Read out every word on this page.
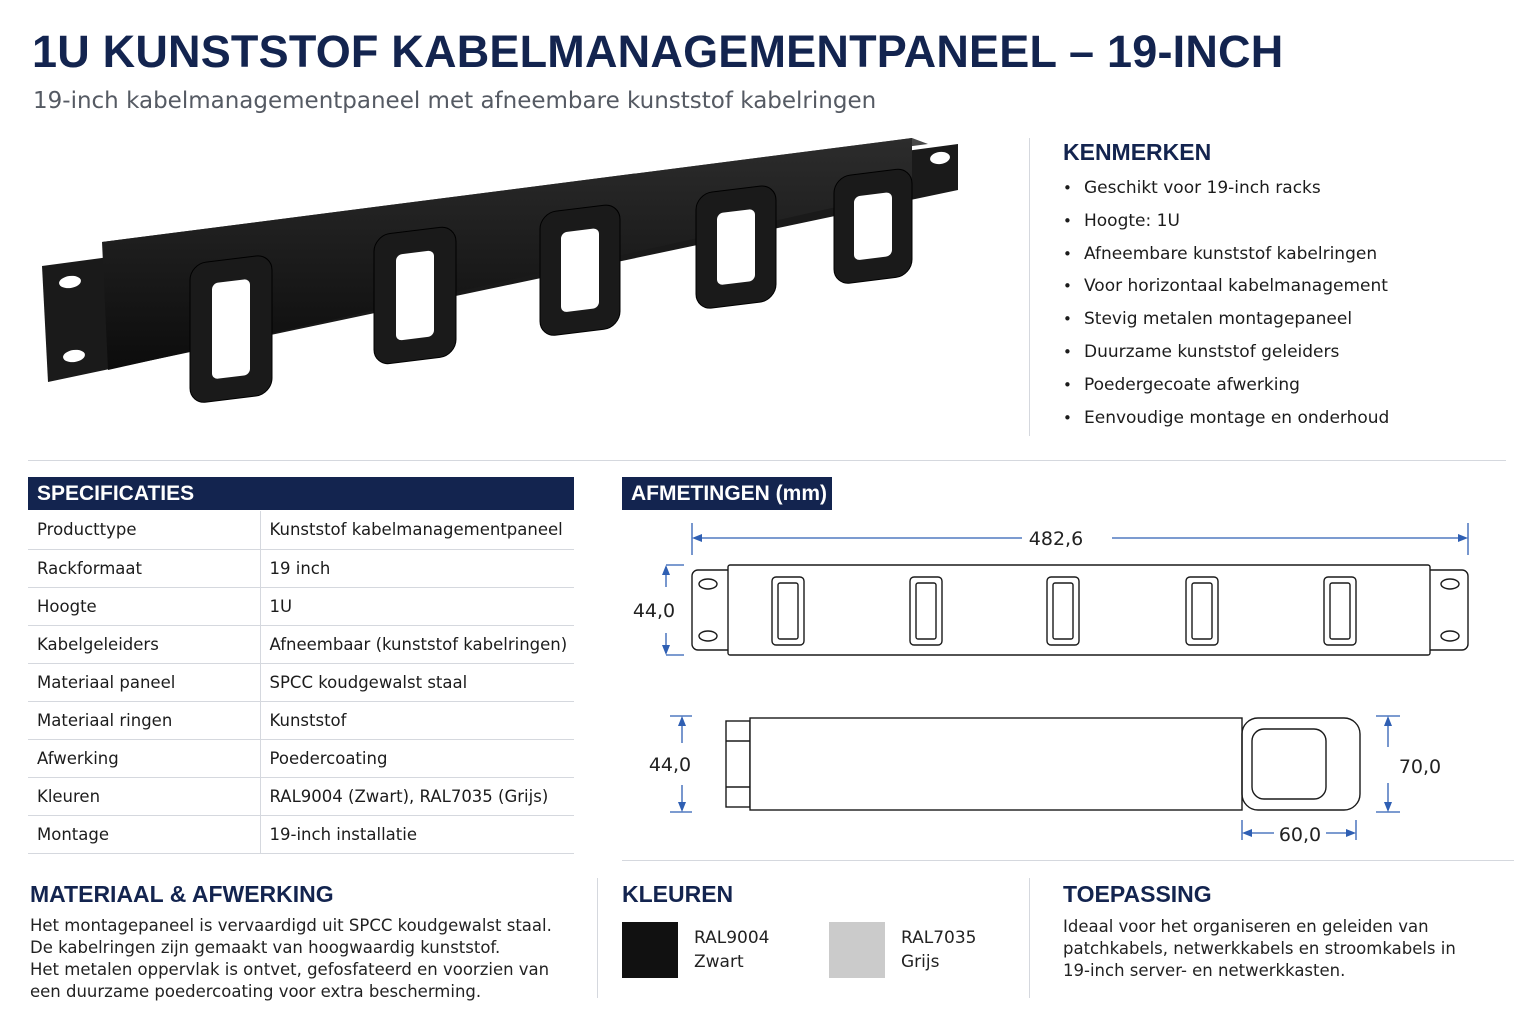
1U KUNSTSTOF KABELMANAGEMENTPANEEL – 19-INCH
19-inch kabelmanagementpaneel met afneembare kunststof kabelringen
KENMERKEN
• Geschikt voor 19-inch racks
• Hoogte: 1U
• Afneembare kunststof kabelringen
• Voor horizontaal kabelmanagement
• Stevig metalen montagepaneel
• Duurzame kunststof geleiders
• Poedergecoate afwerking
• Eenvoudige montage en onderhoud
SPECIFICATIES
Producttype	Kunststof kabelmanagementpaneel
Rackformaat	19 inch
Hoogte	1U
Kabelgeleiders	Afneembaar (kunststof kabelringen)
Materiaal paneel	SPCC koudgewalst staal
Materiaal ringen	Kunststof
Afwerking	Poedercoating
Kleuren	RAL9004 (Zwart), RAL7035 (Grijs)
Montage	19-inch installatie
AFMETINGEN (mm)
482,6
44,0
44,0	70,0
60,0
MATERIAAL & AFWERKING
Het montagepaneel is vervaardigd uit SPCC koudgewalst staal.
De kabelringen zijn gemaakt van hoogwaardig kunststof.
Het metalen oppervlak is ontvet, gefosfateerd en voorzien van
een duurzame poedercoating voor extra bescherming.
KLEUREN
RAL9004
Zwart
RAL7035
Grijs
TOEPASSING
Ideaal voor het organiseren en geleiden van
patchkabels, netwerkkabels en stroomkabels in
19-inch server- en netwerkkasten.
